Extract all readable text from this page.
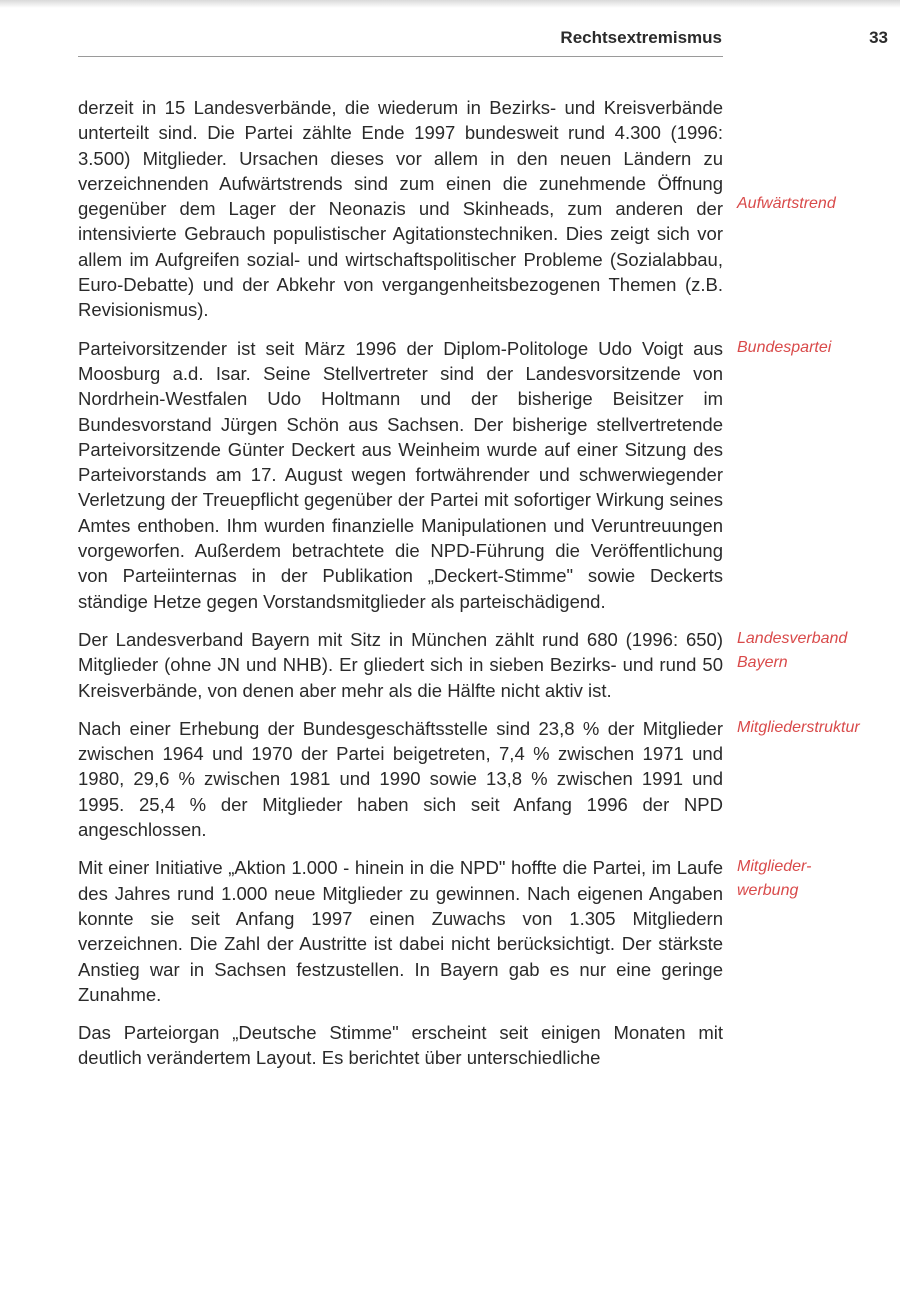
Rechtsextremismus	33

derzeit in 15 Landesverbände, die wiederum in Bezirks- und Kreisverbände unterteilt sind. Die Partei zählte Ende 1997 bundesweit rund 4.300 (1996: 3.500) Mitglieder. Ursachen dieses vor allem in den neuen Ländern zu verzeichnenden Aufwärtstrends sind zum einen die zunehmende Öffnung gegenüber dem Lager der Neonazis und Skinheads, zum anderen der intensivierte Gebrauch populistischer Agitationstechniken. Dies zeigt sich vor allem im Aufgreifen sozial- und wirtschaftspolitischer Probleme (Sozialabbau, Euro-Debatte) und der Abkehr von vergangenheitsbezogenen Themen (z.B. Revisionismus).

Aufwärtstrend

Parteivorsitzender ist seit März 1996 der Diplom-Politologe Udo Voigt aus Moosburg a.d. Isar. Seine Stellvertreter sind der Landesvorsitzende von Nordrhein-Westfalen Udo Holtmann und der bisherige Beisitzer im Bundesvorstand Jürgen Schön aus Sachsen. Der bisherige stellvertretende Parteivorsitzende Günter Deckert aus Weinheim wurde auf einer Sitzung des Parteivorstands am 17. August wegen fortwährender und schwerwiegender Verletzung der Treuepflicht gegenüber der Partei mit sofortiger Wirkung seines Amtes enthoben. Ihm wurden finanzielle Manipulationen und Veruntreuungen vorgeworfen. Außerdem betrachtete die NPD-Führung die Veröffentlichung von Parteiinternas in der Publikation „Deckert-Stimme" sowie Deckerts ständige Hetze gegen Vorstandsmitglieder als parteischädigend.

Bundespartei

Der Landesverband Bayern mit Sitz in München zählt rund 680 (1996: 650) Mitglieder (ohne JN und NHB). Er gliedert sich in sieben Bezirks- und rund 50 Kreisverbände, von denen aber mehr als die Hälfte nicht aktiv ist.

Landesverband
Bayern

Nach einer Erhebung der Bundesgeschäftsstelle sind 23,8 % der Mitglieder zwischen 1964 und 1970 der Partei beigetreten, 7,4 % zwischen 1971 und 1980, 29,6 % zwischen 1981 und 1990 sowie 13,8 % zwischen 1991 und 1995. 25,4 % der Mitglieder haben sich seit Anfang 1996 der NPD angeschlossen.

Mitgliederstruktur

Mit einer Initiative „Aktion 1.000 - hinein in die NPD" hoffte die Partei, im Laufe des Jahres rund 1.000 neue Mitglieder zu gewinnen. Nach eigenen Angaben konnte sie seit Anfang 1997 einen Zuwachs von 1.305 Mitgliedern verzeichnen. Die Zahl der Austritte ist dabei nicht berücksichtigt. Der stärkste Anstieg war in Sachsen festzustellen. In Bayern gab es nur eine geringe Zunahme.

Mitglieder-
werbung

Das Parteiorgan „Deutsche Stimme" erscheint seit einigen Monaten mit deutlich verändertem Layout. Es berichtet über unterschiedliche
